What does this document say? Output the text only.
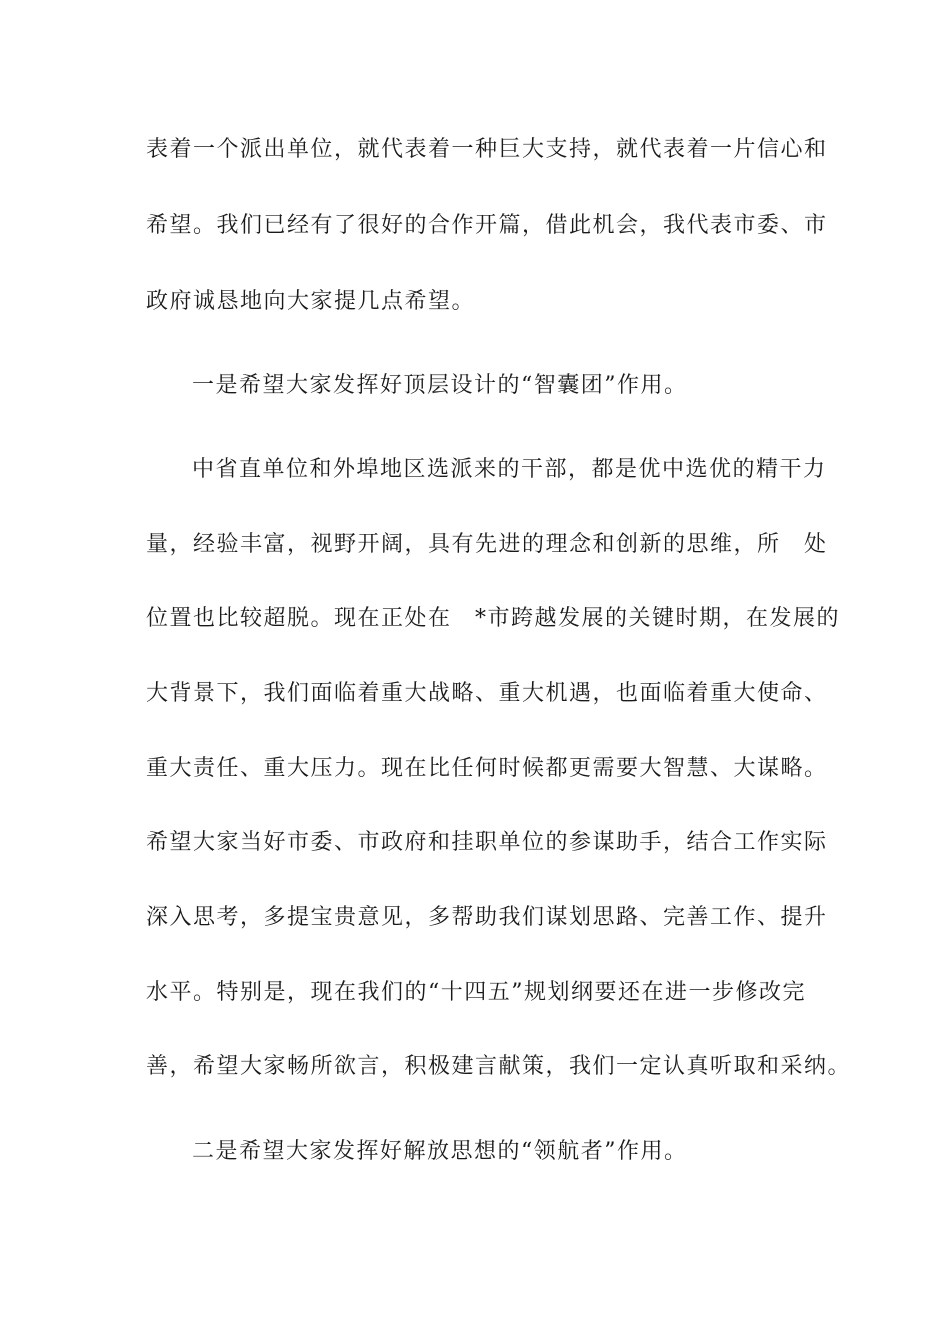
表着一个派出单位，就代表着一种巨大支持，就代表着一片信心和
希望。我们已经有了很好的合作开篇，借此机会，我代表市委、市
政府诚恳地向大家提几点希望。
一是希望大家发挥好顶层设计的“智囊团”作用。
中省直单位和外埠地区选派来的干部，都是优中选优的精干力
量，经验丰富，视野开阔，具有先进的理念和创新的思维，所　处
位置也比较超脱。现在正处在　*市跨越发展的关键时期，在发展的
大背景下，我们面临着重大战略、重大机遇，也面临着重大使命、
重大责任、重大压力。现在比任何时候都更需要大智慧、大谋略。
希望大家当好市委、市政府和挂职单位的参谋助手，结合工作实际
深入思考，多提宝贵意见，多帮助我们谋划思路、完善工作、提升
水平。特别是，现在我们的“十四五”规划纲要还在进一步修改完
善，希望大家畅所欲言，积极建言献策，我们一定认真听取和采纳。
二是希望大家发挥好解放思想的“领航者”作用。
